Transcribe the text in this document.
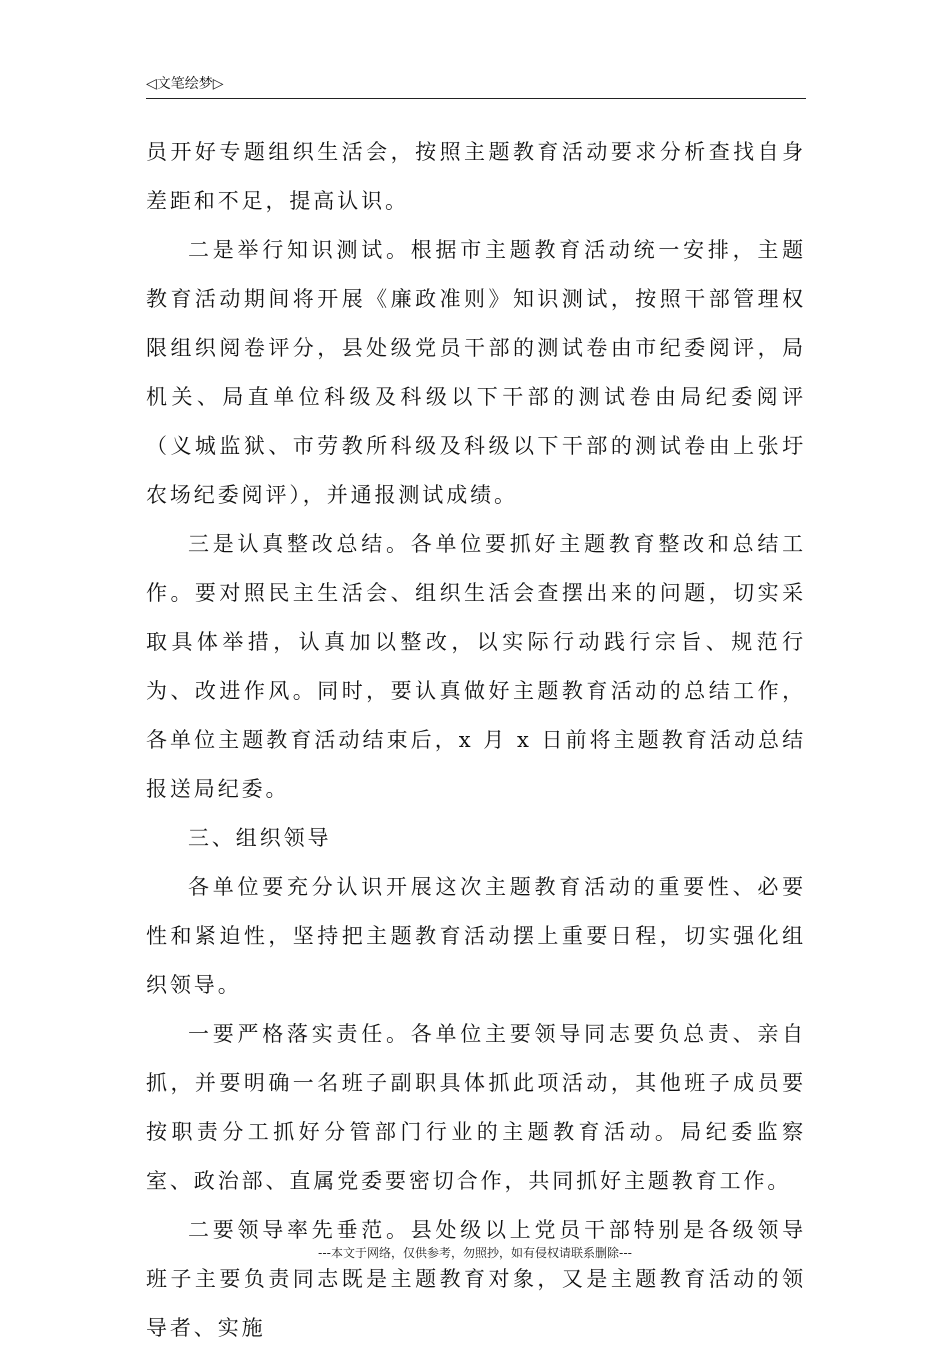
◁文笔绘梦▷

员开好专题组织生活会，按照主题教育活动要求分析查找自身差距和不足，提高认识。

二是举行知识测试。根据市主题教育活动统一安排，主题教育活动期间将开展《廉政准则》知识测试，按照干部管理权限组织阅卷评分，县处级党员干部的测试卷由市纪委阅评，局机关、局直单位科级及科级以下干部的测试卷由局纪委阅评（义城监狱、市劳教所科级及科级以下干部的测试卷由上张圩农场纪委阅评），并通报测试成绩。

三是认真整改总结。各单位要抓好主题教育整改和总结工作。要对照民主生活会、组织生活会查摆出来的问题，切实采取具体举措，认真加以整改，以实际行动践行宗旨、规范行为、改进作风。同时，要认真做好主题教育活动的总结工作，各单位主题教育活动结束后，x 月 x 日前将主题教育活动总结报送局纪委。

三、组织领导

各单位要充分认识开展这次主题教育活动的重要性、必要性和紧迫性，坚持把主题教育活动摆上重要日程，切实强化组织领导。

一要严格落实责任。各单位主要领导同志要负总责、亲自抓，并要明确一名班子副职具体抓此项活动，其他班子成员要按职责分工抓好分管部门行业的主题教育活动。局纪委监察室、政治部、直属党委要密切合作，共同抓好主题教育工作。

二要领导率先垂范。县处级以上党员干部特别是各级领导班子主要负责同志既是主题教育对象，又是主题教育活动的领导者、实施

---本文于网络，仅供参考，勿照抄，如有侵权请联系删除---
